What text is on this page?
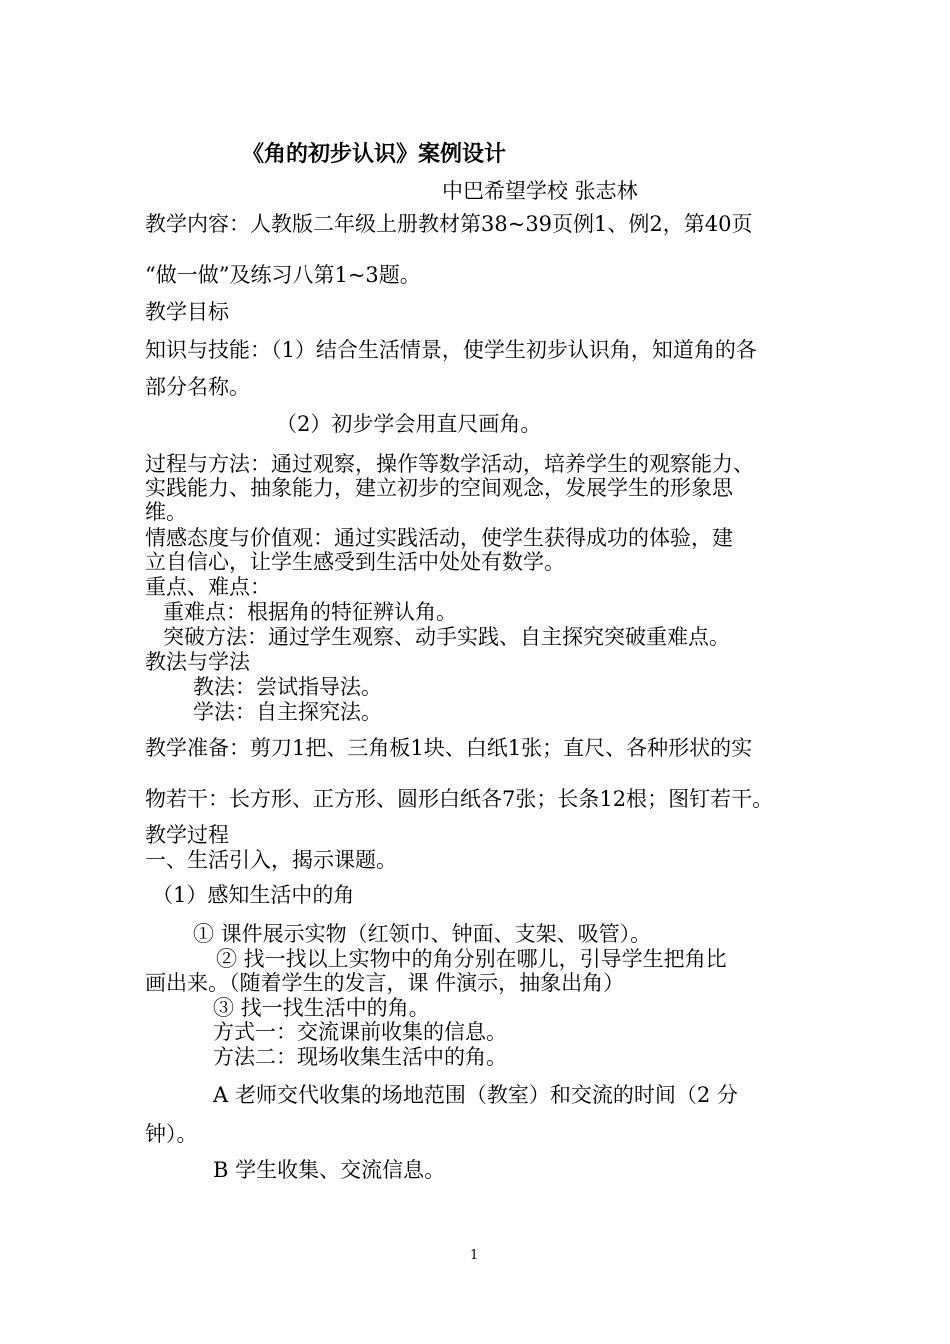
《角的初步认识》案例设计
中巴希望学校 张志林
教学内容：人教版二年级上册教材第38~39页例1、例2，第40页
“做一做”及练习八第1~3题。
教学目标
知识与技能：（1）结合生活情景，使学生初步认识角，知道角的各
部分名称。
（2）初步学会用直尺画角。
过程与方法：通过观察，操作等数学活动，培养学生的观察能力、
实践能力、抽象能力，建立初步的空间观念，发展学生的形象思
维。
情感态度与价值观：通过实践活动，使学生获得成功的体验，建
立自信心，让学生感受到生活中处处有数学。
重点、难点：
重难点：根据角的特征辨认角。
突破方法：通过学生观察、动手实践、自主探究突破重难点。
教法与学法
教法：尝试指导法。
学法：自主探究法。
教学准备：剪刀1把、三角板1块、白纸1张；直尺、各种形状的实
物若干：长方形、正方形、圆形白纸各7张；长条12根；图钉若干。
教学过程
一、生活引入，揭示课题。
（1）感知生活中的角
① 课件展示实物（红领巾、钟面、支架、吸管）。
② 找一找以上实物中的角分别在哪儿，引导学生把角比
画出来。（随着学生的发言，课 件演示，抽象出角）
③ 找一找生活中的角。
方式一：交流课前收集的信息。
方法二：现场收集生活中的角。
A 老师交代收集的场地范围（教室）和交流的时间（2 分
钟）。
B 学生收集、交流信息。
1
